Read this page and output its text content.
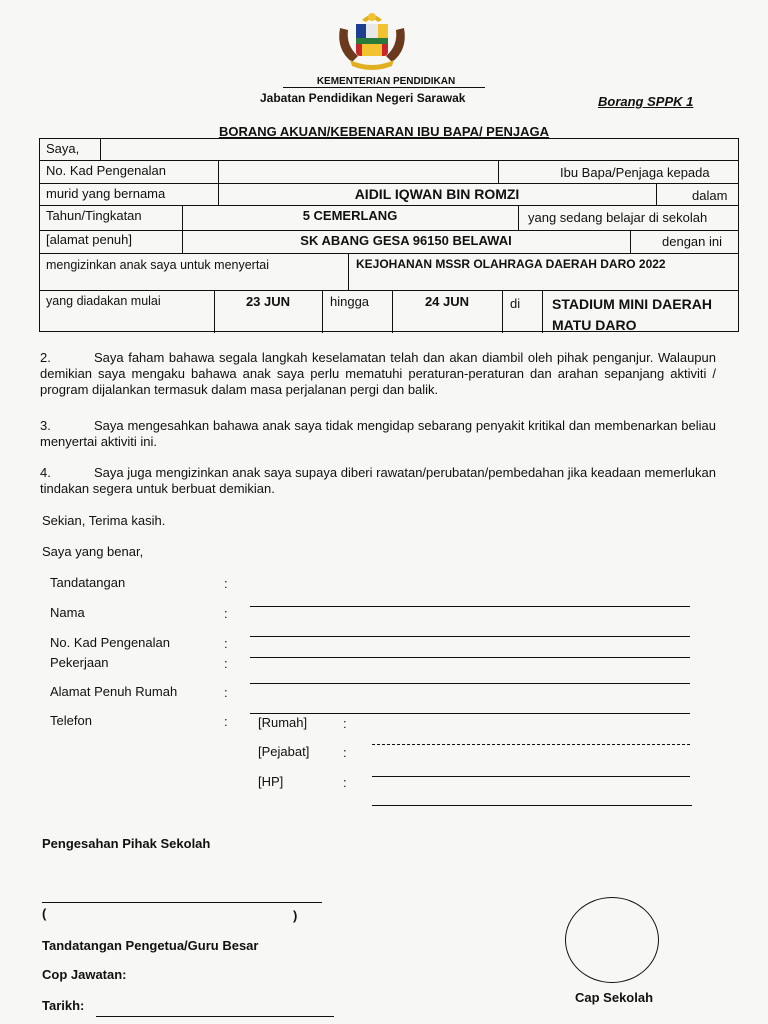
KEMENTERIAN PENDIDIKAN
Jabatan Pendidikan Negeri Sarawak	Borang SPPK 1
BORANG AKUAN/KEBENARAN IBU BAPA/ PENJAGA
Saya,
No. Kad Pengenalan	Ibu Bapa/Penjaga kepada
murid yang bernama	AIDIL IQWAN BIN ROMZI	dalam
Tahun/Tingkatan	5 CEMERLANG	yang sedang belajar di sekolah
[alamat penuh]	SK ABANG GESA 96150 BELAWAI	dengan ini
mengizinkan anak saya untuk menyertai	KEJOHANAN MSSR OLAHRAGA DAERAH DARO 2022
yang diadakan mulai	23 JUN	hingga	24 JUN	di STADIUM MINI DAERAH
MATU DARO
2.	Saya faham bahawa segala langkah keselamatan telah dan akan diambil oleh pihak penganjur. Walaupun demikian saya mengaku bahawa anak saya perlu mematuhi peraturan-peraturan dan arahan sepanjang aktiviti / program dijalankan termasuk dalam masa perjalanan pergi dan balik.
3.	Saya mengesahkan bahawa anak saya tidak mengidap sebarang penyakit kritikal dan membenarkan beliau menyertai aktiviti ini.
4.	Saya juga mengizinkan anak saya supaya diberi rawatan/perubatan/pembedahan jika keadaan memerlukan tindakan segera untuk berbuat demikian.
Sekian, Terima kasih.
Saya yang benar,
Tandatangan	:
Nama	:
No. Kad Pengenalan	:
Pekerjaan	:
Alamat Penuh Rumah	:
Telefon	: [Rumah]	:
[Pejabat]	:
[HP]	:
Pengesahan Pihak Sekolah
(	)
Tandatangan Pengetua/Guru Besar
Cop Jawatan:
Tarikh:
Cap Sekolah
